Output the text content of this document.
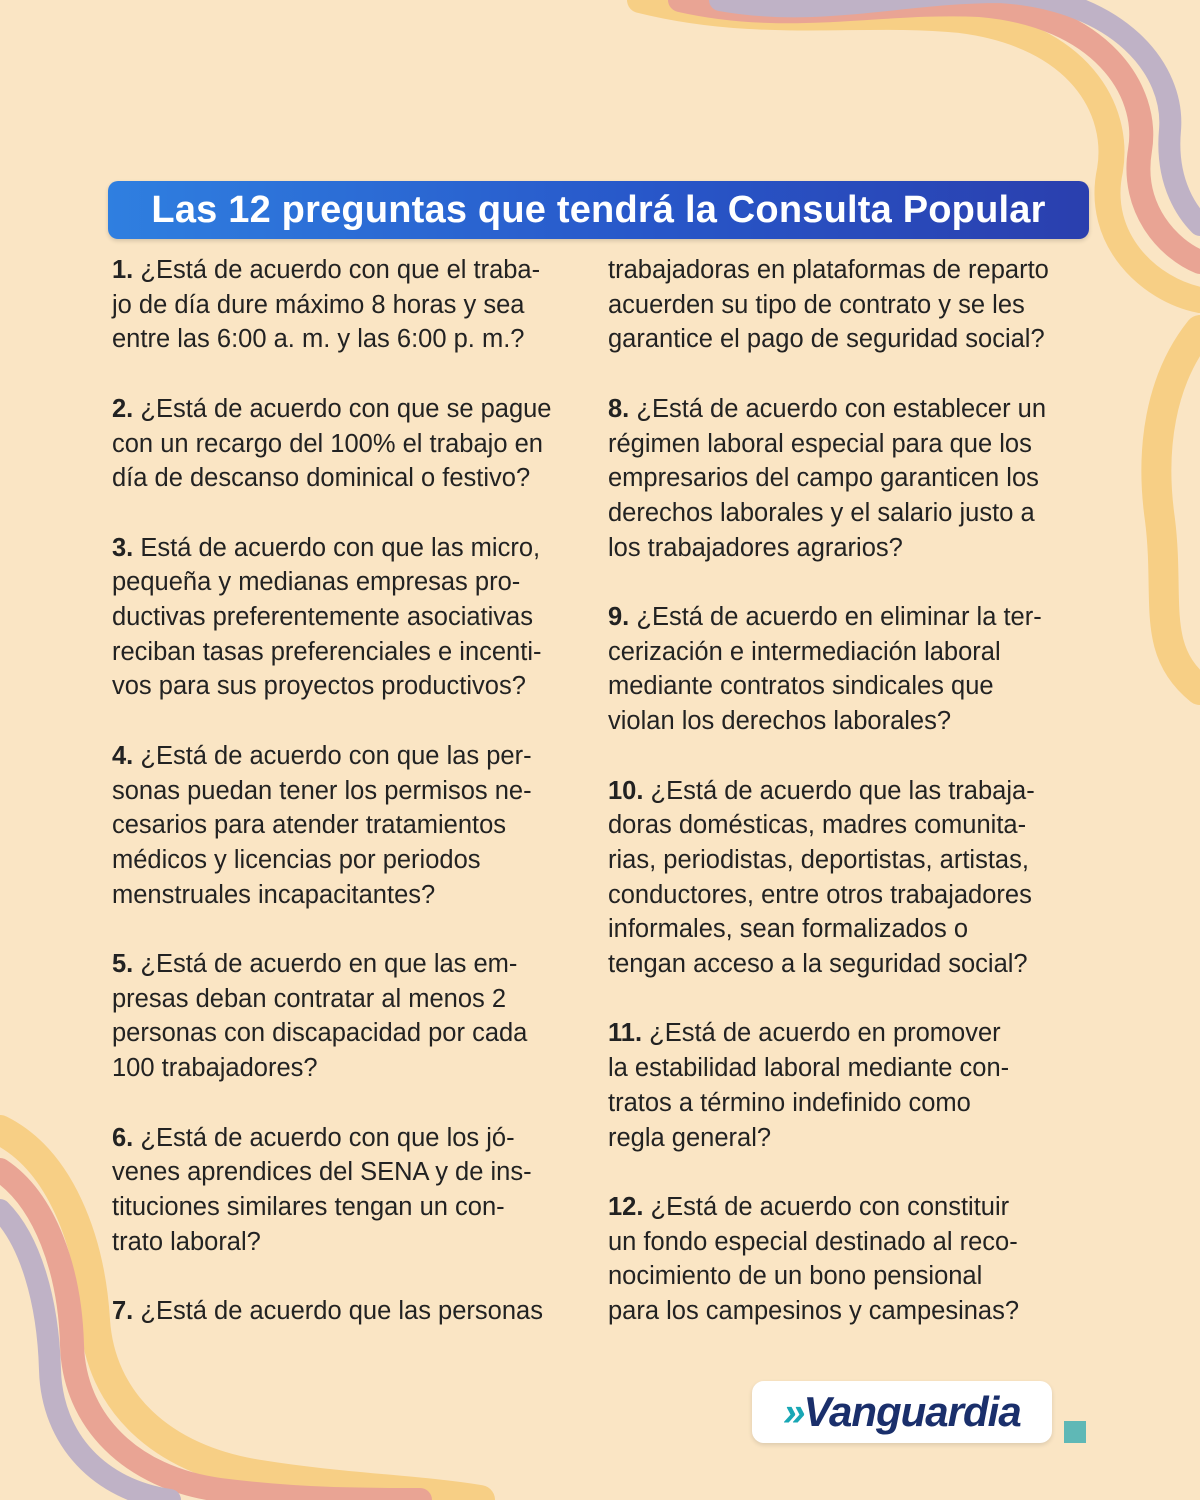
Las 12 preguntas que tendrá la Consulta Popular
1. ¿Está de acuerdo con que el traba-
jo de día dure máximo 8 horas y sea
entre las 6:00 a. m. y las 6:00 p. m.?
2. ¿Está de acuerdo con que se pague
con un recargo del 100% el trabajo en
día de descanso dominical o festivo?
3. Está de acuerdo con que las micro,
pequeña y medianas empresas pro-
ductivas preferentemente asociativas
reciban tasas preferenciales e incenti-
vos para sus proyectos productivos?
4. ¿Está de acuerdo con que las per-
sonas puedan tener los permisos ne-
cesarios para atender tratamientos
médicos y licencias por periodos
menstruales incapacitantes?
5. ¿Está de acuerdo en que las em-
presas deban contratar al menos 2
personas con discapacidad por cada
100 trabajadores?
6. ¿Está de acuerdo con que los jó-
venes aprendices del SENA y de ins-
tituciones similares tengan un con-
trato laboral?
7. ¿Está de acuerdo que las personas
trabajadoras en plataformas de reparto
acuerden su tipo de contrato y se les
garantice el pago de seguridad social?
8. ¿Está de acuerdo con establecer un
régimen laboral especial para que los
empresarios del campo garanticen los
derechos laborales y el salario justo a
los trabajadores agrarios?
9. ¿Está de acuerdo en eliminar la ter-
cerización e intermediación laboral
mediante contratos sindicales que
violan los derechos laborales?
10. ¿Está de acuerdo que las trabaja-
doras domésticas, madres comunita-
rias, periodistas, deportistas, artistas,
conductores, entre otros trabajadores
informales, sean formalizados o
tengan acceso a la seguridad social?
11. ¿Está de acuerdo en promover
la estabilidad laboral mediante con-
tratos a término indefinido como
regla general?
12. ¿Está de acuerdo con constituir
un fondo especial destinado al reco-
nocimiento de un bono pensional
para los campesinos y campesinas?
» Vanguardia
